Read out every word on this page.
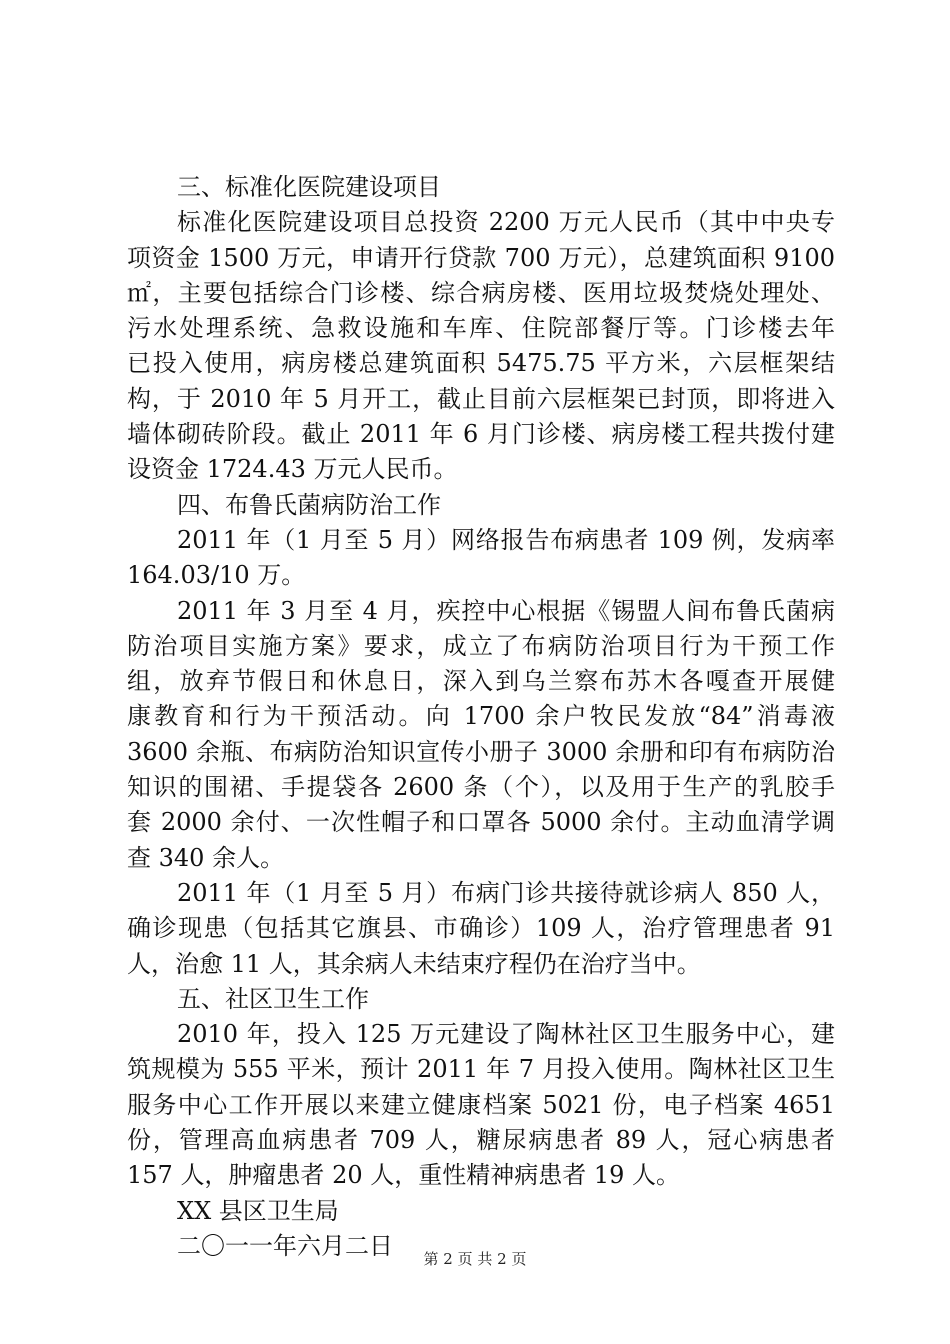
三、标准化医院建设项目
标准化医院建设项目总投资 2200 万元人民币（其中中央专
项资金 1500 万元，申请开行贷款 700 万元），总建筑面积 9100
㎡，主要包括综合门诊楼、综合病房楼、医用垃圾焚烧处理处、
污水处理系统、急救设施和车库、住院部餐厅等。门诊楼去年
已投入使用，病房楼总建筑面积 5475.75 平方米，六层框架结
构，于 2010 年 5 月开工，截止目前六层框架已封顶，即将进入
墙体砌砖阶段。截止 2011 年 6 月门诊楼、病房楼工程共拨付建
设资金 1724.43 万元人民币。
四、布鲁氏菌病防治工作
2011 年（1 月至 5 月）网络报告布病患者 109 例，发病率
164.03/10 万。
2011 年 3 月至 4 月，疾控中心根据《锡盟人间布鲁氏菌病
防治项目实施方案》要求，成立了布病防治项目行为干预工作
组，放弃节假日和休息日，深入到乌兰察布苏木各嘎查开展健
康教育和行为干预活动。向 1700 余户牧民发放“84”消毒液
3600 余瓶、布病防治知识宣传小册子 3000 余册和印有布病防治
知识的围裙、手提袋各 2600 条（个），以及用于生产的乳胶手
套 2000 余付、一次性帽子和口罩各 5000 余付。主动血清学调
查 340 余人。
2011 年（1 月至 5 月）布病门诊共接待就诊病人 850 人，
确诊现患（包括其它旗县、市确诊）109 人，治疗管理患者 91
人，治愈 11 人，其余病人未结束疗程仍在治疗当中。
五、社区卫生工作
2010 年，投入 125 万元建设了陶林社区卫生服务中心，建
筑规模为 555 平米，预计 2011 年 7 月投入使用。陶林社区卫生
服务中心工作开展以来建立健康档案 5021 份，电子档案 4651
份，管理高血病患者 709 人，糖尿病患者 89 人，冠心病患者
157 人，肿瘤患者 20 人，重性精神病患者 19 人。
XX 县区卫生局
二〇一一年六月二日	第 2 页 共 2 页
